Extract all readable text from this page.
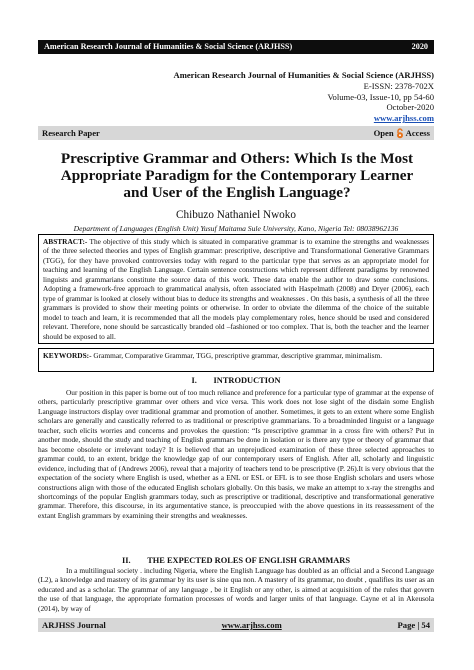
American Research Journal of Humanities & Social Science (ARJHSS)	2020
American Research Journal of Humanities & Social Science (ARJHSS)
E-ISSN: 2378-702X
Volume-03, Issue-10, pp 54-60
October-2020
www.arjhss.com
Research Paper	Open Access
Prescriptive Grammar and Others: Which Is the Most Appropriate Paradigm for the Contemporary Learner and User of the English Language?
Chibuzo Nathaniel Nwoko
Department of Languages (English Unit) Yusuf Maitama Sule University, Kano, Nigeria Tel: 08038962136
ABSTRACT:- The objective of this study which is situated in comparative grammar is to examine the strengths and weaknesses of the three selected theories and types of English grammar: prescriptive, descriptive and Transformational Generative Grammars (TGG), for they have provoked controversies today with regard to the particular type that serves as an appropriate model for teaching and learning of the English Language. Certain sentence constructions which represent different paradigms by renowned linguists and grammarians constitute the source data of this work. These data enable the author to draw some conclusions. Adopting a framework-free approach to grammatical analysis, often associated with Haspelmath (2008) and Dryer (2006), each type of grammar is looked at closely without bias to deduce its strengths and weaknesses . On this basis, a synthesis of all the three grammars is provided to show their meeting points or otherwise. In order to obviate the dilemma of the choice of the suitable model to teach and learn, it is recommended that all the models play complementary roles, hence should be used and considered relevant. Therefore, none should be sarcastically branded old –fashioned or too complex. That is, both the teacher and the learner should be exposed to all.
KEYWORDS:- Grammar, Comparative Grammar, TGG, prescriptive grammar, descriptive grammar, minimalism.
I.        INTRODUCTION
Our position in this paper is borne out of too much reliance and preference for a particular type of grammar at the expense of others, particularly prescriptive grammar over others and vice versa. This work does not lose sight of the disdain some English Language instructors display over traditional grammar and promotion of another. Sometimes, it gets to an extent where some English scholars are generally and caustically referred to as traditional or prescriptive grammarians. To a broadminded linguist or a language teacher, such elicits worries and concerns and provokes the question: “Is prescriptive grammar in a cross fire with others? Put in another mode, should the study and teaching of English grammars be done in isolation or is there any type or theory of grammar that has become obsolete or irrelevant today? It is believed that an unprejudiced examination of these three selected approaches to grammar could, to an extent, bridge the knowledge gap of our contemporary users of English. After all, scholarly and linguistic evidence, including that of (Andrews 2006), reveal that a majority of teachers tend to be prescriptive (P. 26).It is very obvious that the expectation of the society where English is used, whether as a ENL or ESL or EFL is to see those English scholars and users whose constructions align with those of the educated English scholars globally. On this basis, we make an attempt to x-ray the strengths and shortcomings of the popular English grammars today, such as prescriptive or traditional, descriptive and transformational generative grammar. Therefore, this discourse, in its argumentative stance, is preoccupied with the above questions in its reassessment of the extant English grammars by examining their strengths and weaknesses.
II.        THE EXPECTED ROLES OF ENGLISH GRAMMARS
In a multilingual society . including Nigeria, where the English Language has doubled as an official and a Second Language (L2), a knowledge and mastery of its grammar by its user is sine qua non. A mastery of its grammar, no doubt , qualifies its user as an educated and as a scholar. The grammar of any language , be it English or any other, is aimed at acquisition of the rules that govern the use of that language, the appropriate formation processes of words and larger units of that language. Cayne et al in Akeusola (2014), by way of
ARJHSS Journal	www.arjhss.com	Page | 54
